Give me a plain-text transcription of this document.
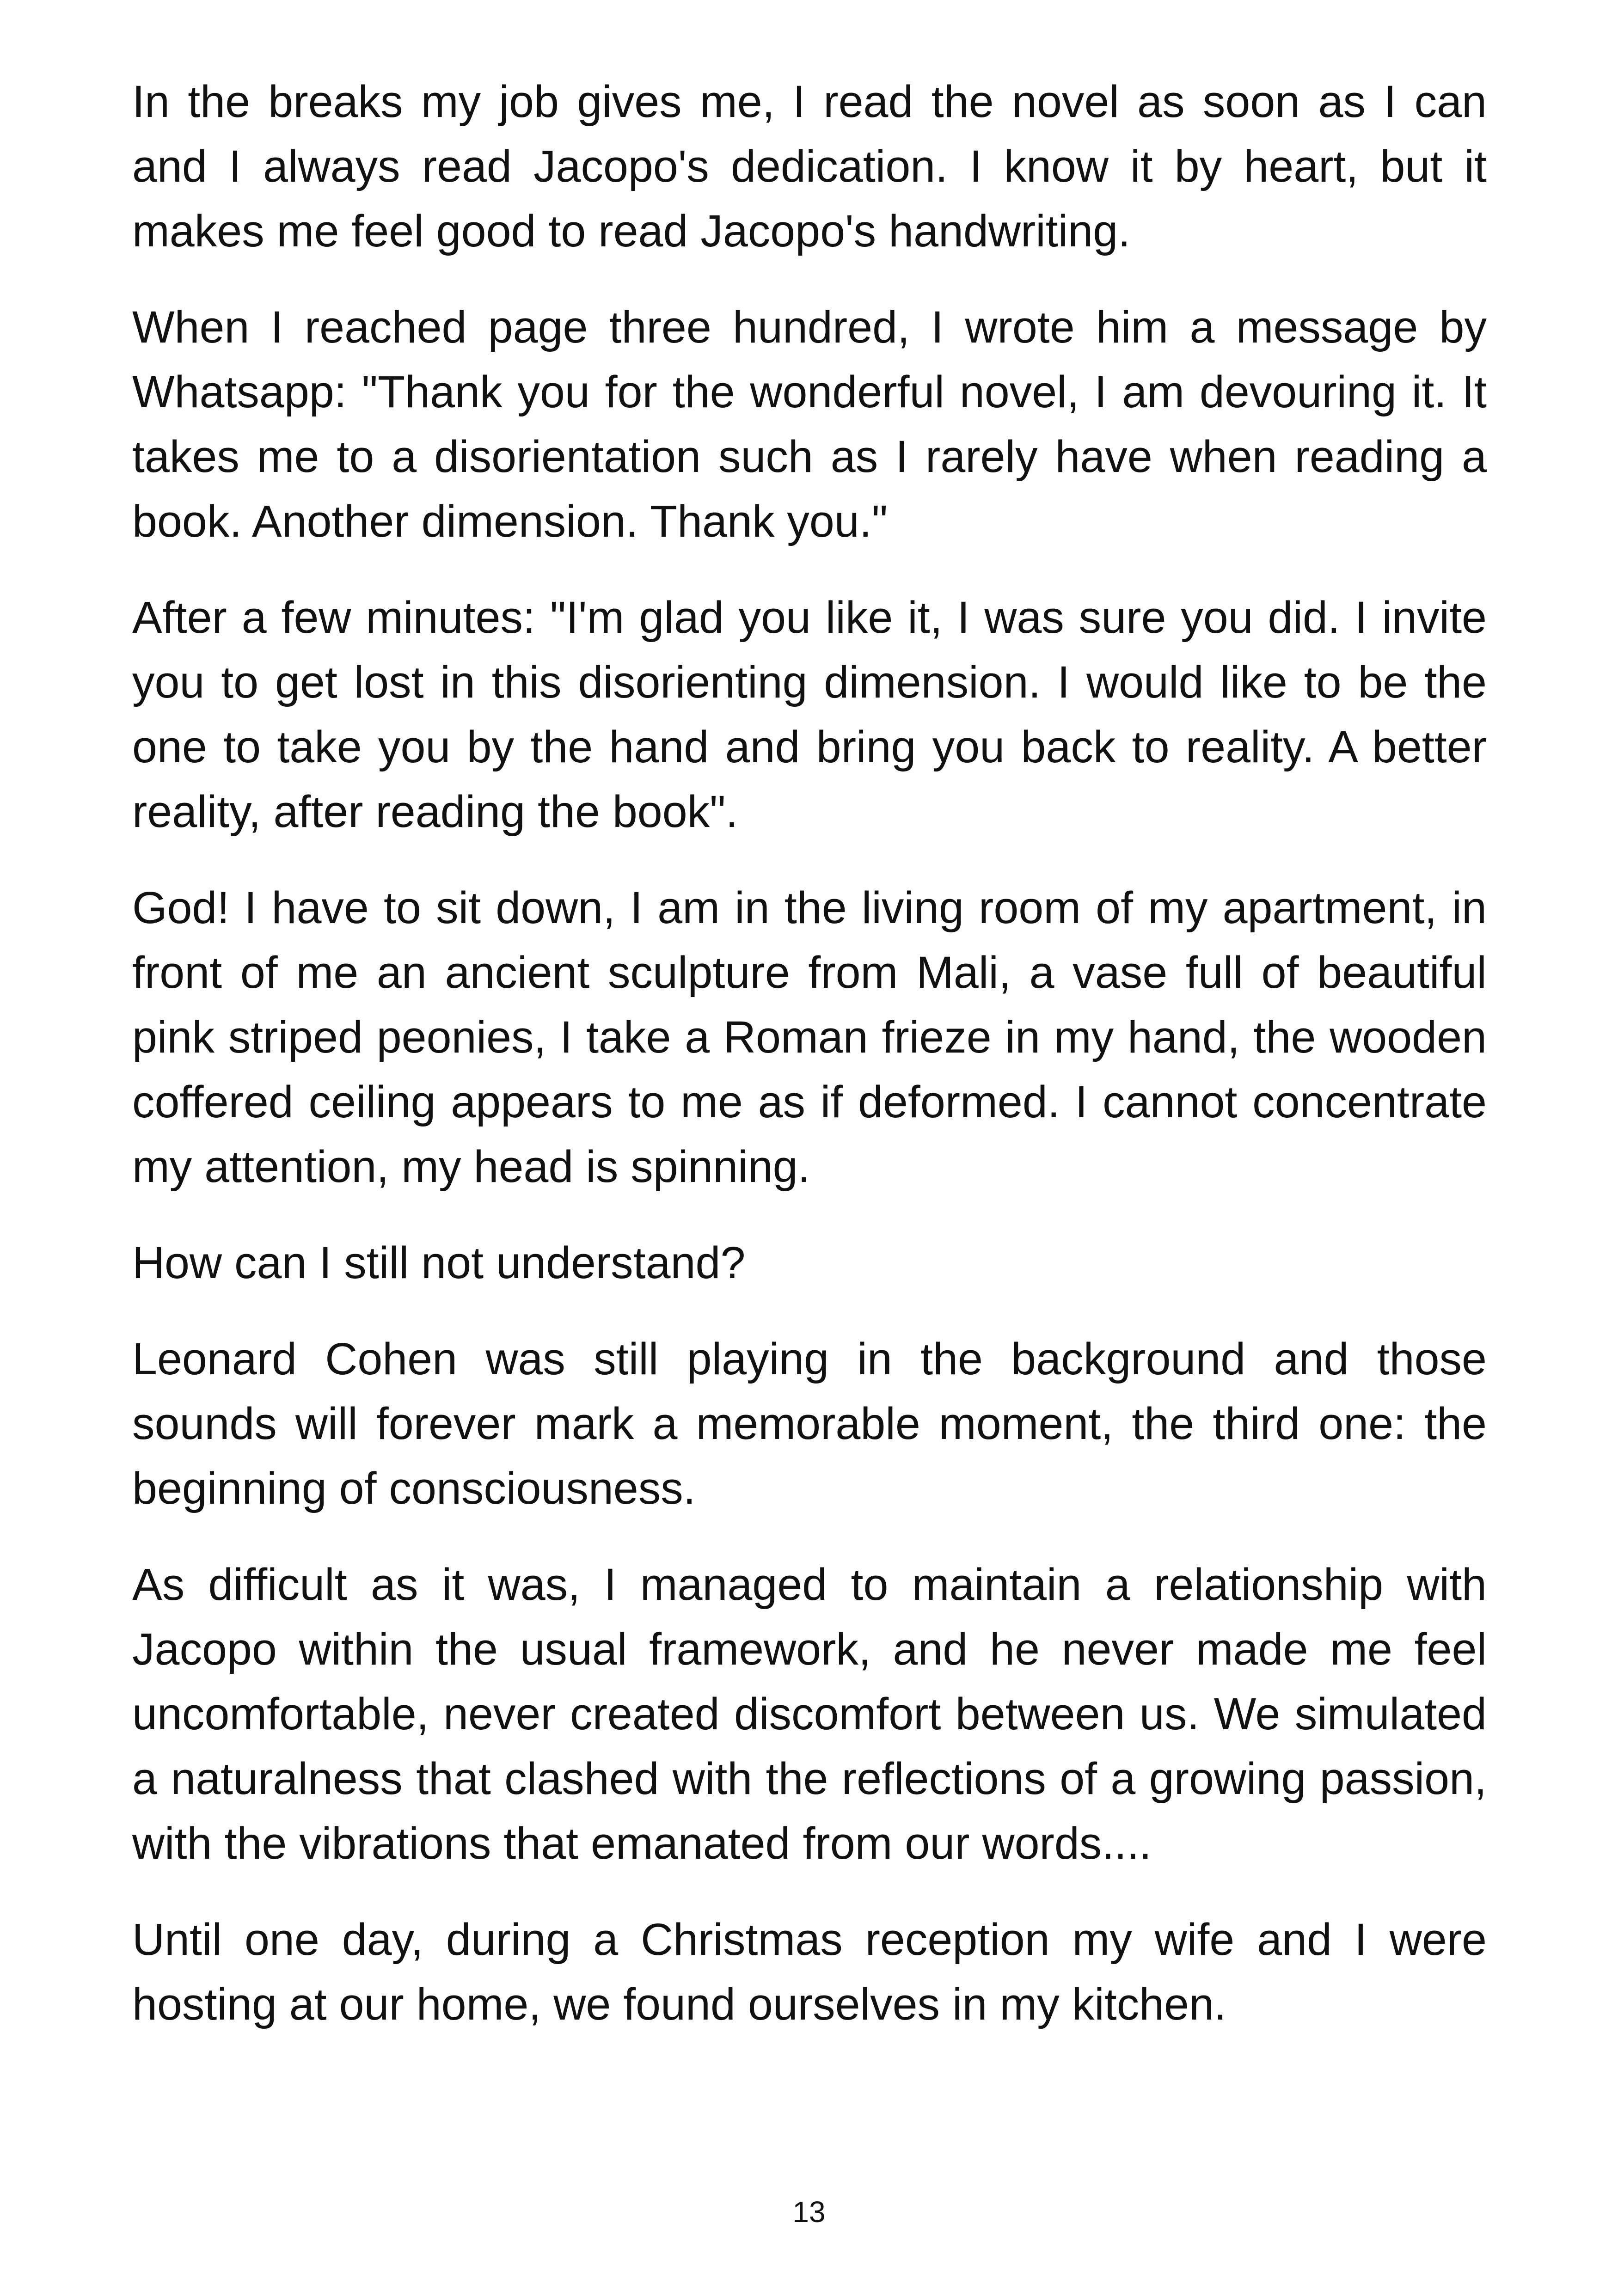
In the breaks my job gives me, I read the novel as soon as I can and I always read Jacopo's dedication. I know it by heart, but it makes me feel good to read Jacopo's handwriting.

When I reached page three hundred, I wrote him a message by Whatsapp: "Thank you for the wonderful novel, I am devouring it. It takes me to a disorientation such as I rarely have when reading a book. Another dimension. Thank you."

After a few minutes: "I'm glad you like it, I was sure you did. I invite you to get lost in this disorienting dimension. I would like to be the one to take you by the hand and bring you back to reality. A better reality, after reading the book".

God! I have to sit down, I am in the living room of my apartment, in front of me an ancient sculpture from Mali, a vase full of beautiful pink striped peonies, I take a Roman frieze in my hand, the wooden coffered ceiling appears to me as if deformed. I cannot concentrate my attention, my head is spinning.

How can I still not understand?

Leonard Cohen was still playing in the background and those sounds will forever mark a memorable moment, the third one: the beginning of consciousness.

As difficult as it was, I managed to maintain a relationship with Jacopo within the usual framework, and he never made me feel uncomfortable, never created discomfort between us. We simulated a naturalness that clashed with the reflections of a growing passion, with the vibrations that emanated from our words....

Until one day, during a Christmas reception my wife and I were hosting at our home, we found ourselves in my kitchen.

13
